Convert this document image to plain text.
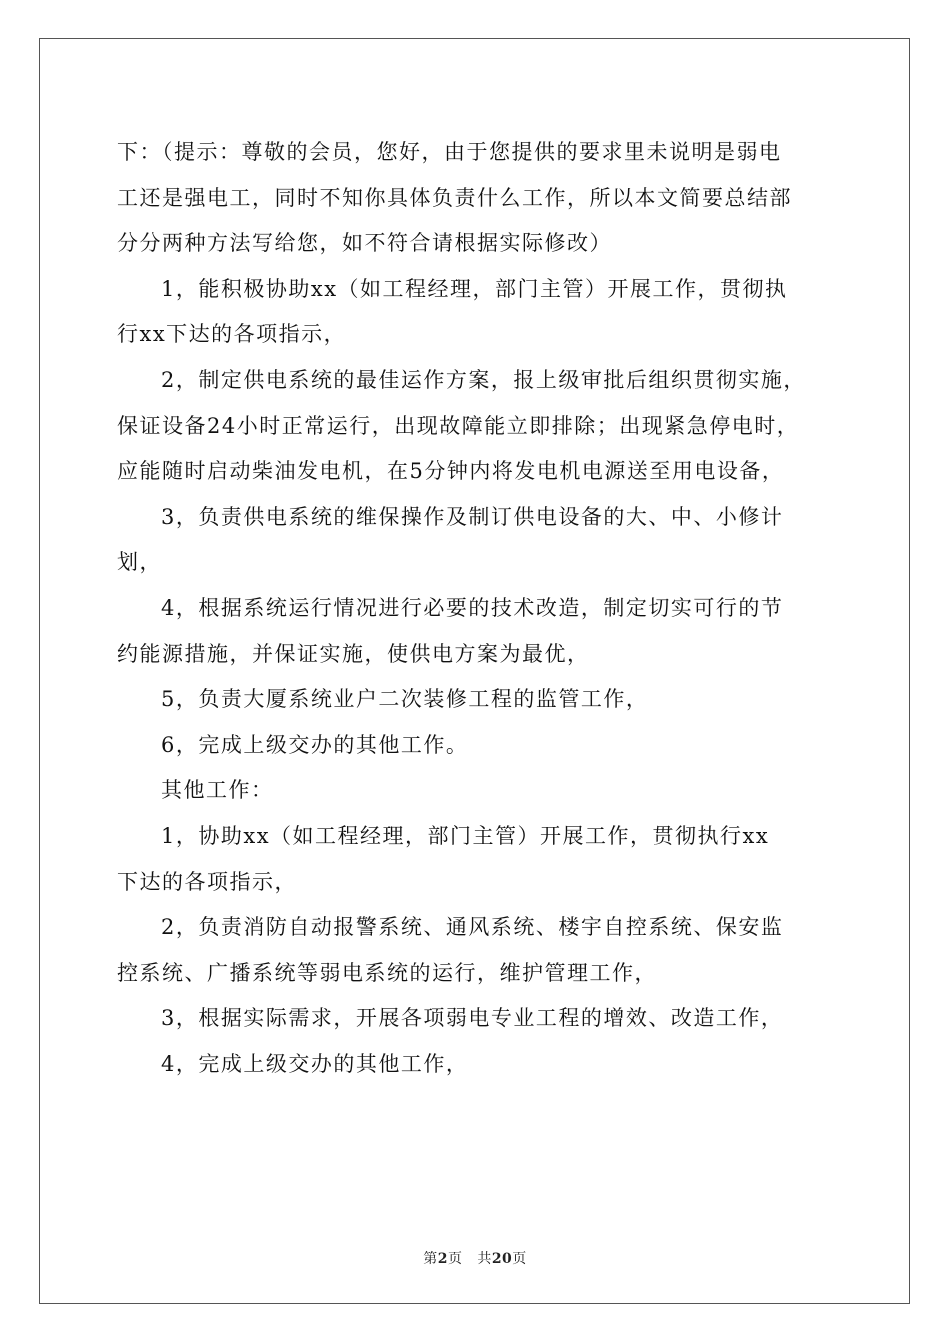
下：（提示：尊敬的会员，您好，由于您提供的要求里未说明是弱电
工还是强电工，同时不知你具体负责什么工作，所以本文简要总结部
分分两种方法写给您，如不符合请根据实际修改）

1，能积极协助xx（如工程经理，部门主管）开展工作，贯彻执
行xx下达的各项指示，

2，制定供电系统的最佳运作方案，报上级审批后组织贯彻实施，
保证设备24小时正常运行，出现故障能立即排除；出现紧急停电时，
应能随时启动柴油发电机，在5分钟内将发电机电源送至用电设备，

3，负责供电系统的维保操作及制订供电设备的大、中、小修计
划，

4，根据系统运行情况进行必要的技术改造，制定切实可行的节
约能源措施，并保证实施，使供电方案为最优，

5，负责大厦系统业户二次装修工程的监管工作，

6，完成上级交办的其他工作。

其他工作：

1，协助xx（如工程经理，部门主管）开展工作，贯彻执行xx
下达的各项指示，

2，负责消防自动报警系统、通风系统、楼宇自控系统、保安监
控系统、广播系统等弱电系统的运行，维护管理工作，

3，根据实际需求，开展各项弱电专业工程的增效、改造工作，

4，完成上级交办的其他工作，

第2页 共20页
